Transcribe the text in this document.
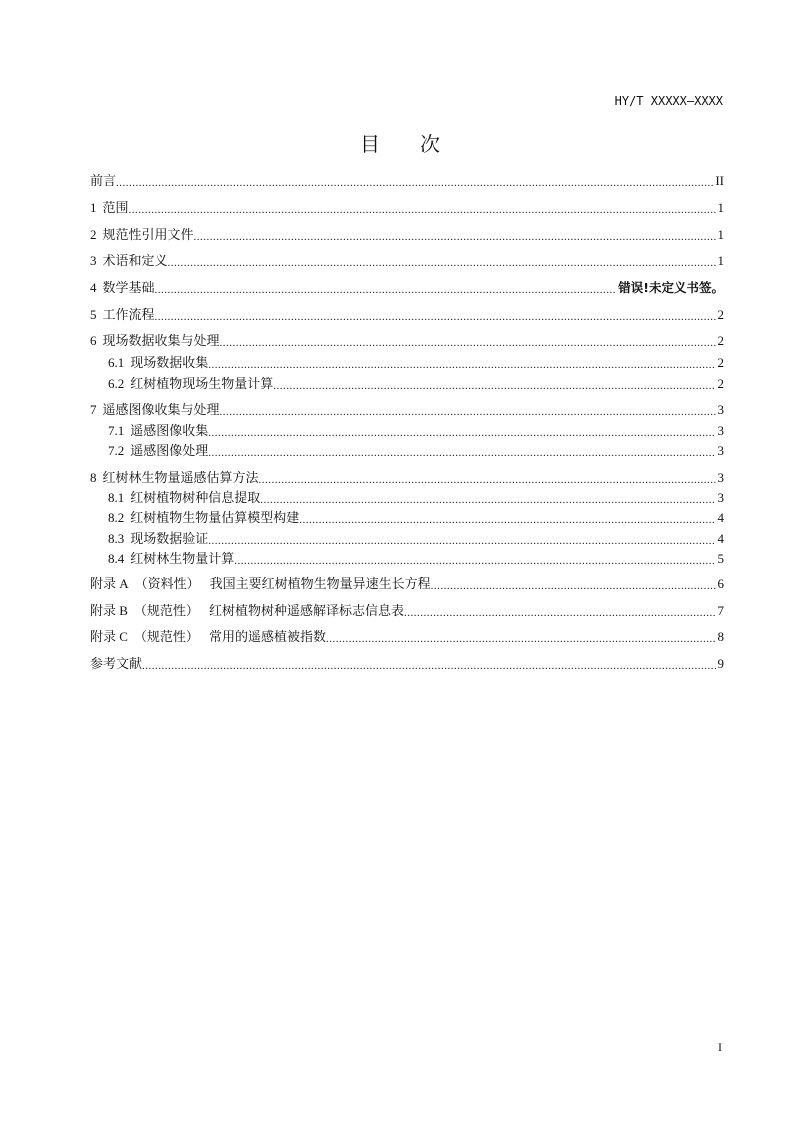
HY/T XXXXX—XXXX
目 次
前言 .....	II
1 范围 .....	1
2 规范性引用文件 .....	1
3 术语和定义 .....	1
4 数学基础 .....	错误!未定义书签。
5 工作流程 .....	2
6 现场数据收集与处理 .....	2
6.1 现场数据收集 .....	2
6.2 红树植物现场生物量计算 .....	2
7 遥感图像收集与处理 .....	3
7.1 遥感图像收集 .....	3
7.2 遥感图像处理 .....	3
8 红树林生物量遥感估算方法 .....	3
8.1 红树植物树种信息提取 .....	3
8.2 红树植物生物量估算模型构建 .....	4
8.3 现场数据验证 .....	4
8.4 红树林生物量计算 .....	5
附录 A （资料性） 我国主要红树植物生物量异速生长方程 .....	6
附录 B （规范性） 红树植物树种遥感解译标志信息表 .....	7
附录 C （规范性） 常用的遥感植被指数 .....	8
参考文献 .....	9
I
